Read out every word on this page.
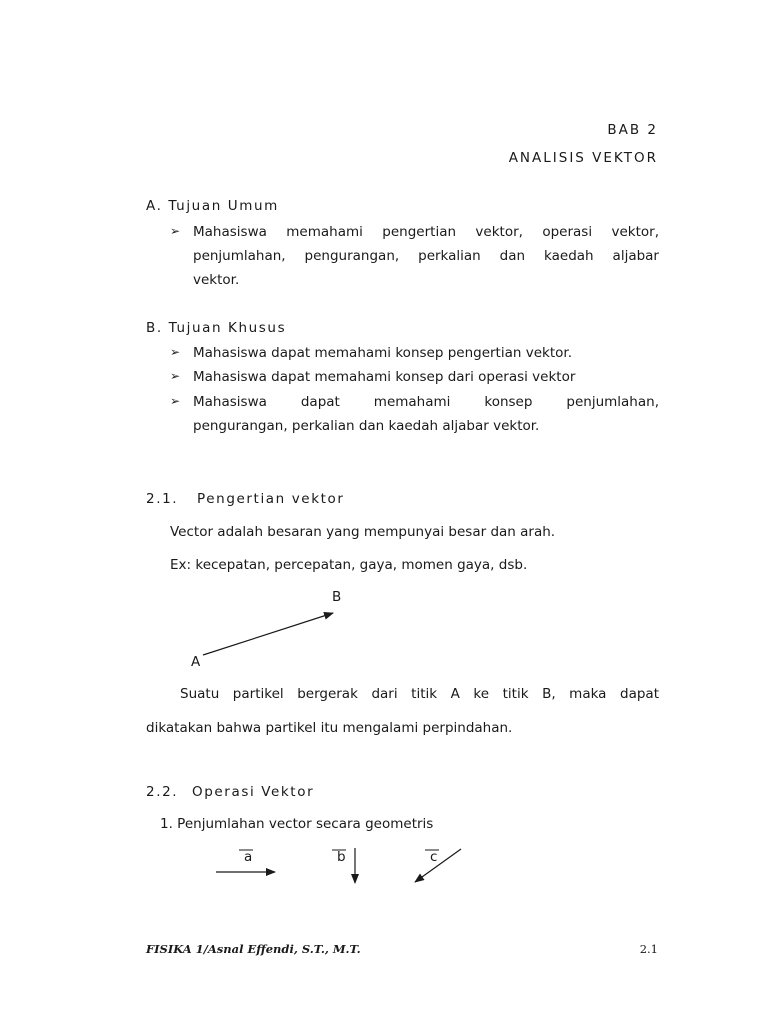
BAB 2
ANALISIS VEKTOR
A. Tujuan Umum
➢ Mahasiswa memahami pengertian vektor, operasi vektor,
penjumlahan, pengurangan, perkalian dan kaedah aljabar
vektor.
B. Tujuan Khusus
➢ Mahasiswa dapat memahami konsep pengertian vektor.
➢ Mahasiswa dapat memahami konsep dari operasi vektor
➢ Mahasiswa dapat memahami konsep penjumlahan,
pengurangan, perkalian dan kaedah aljabar vektor.
2.1. Pengertian vektor
Vector adalah besaran yang mempunyai besar dan arah.
Ex: kecepatan, percepatan, gaya, momen gaya, dsb.
B
A
Suatu partikel bergerak dari titik A ke titik B, maka dapat
dikatakan bahwa partikel itu mengalami perpindahan.
2.2. Operasi Vektor
1. Penjumlahan vector secara geometris
a	b	c
FISIKA 1/Asnal Effendi, S.T., M.T.	2.1
